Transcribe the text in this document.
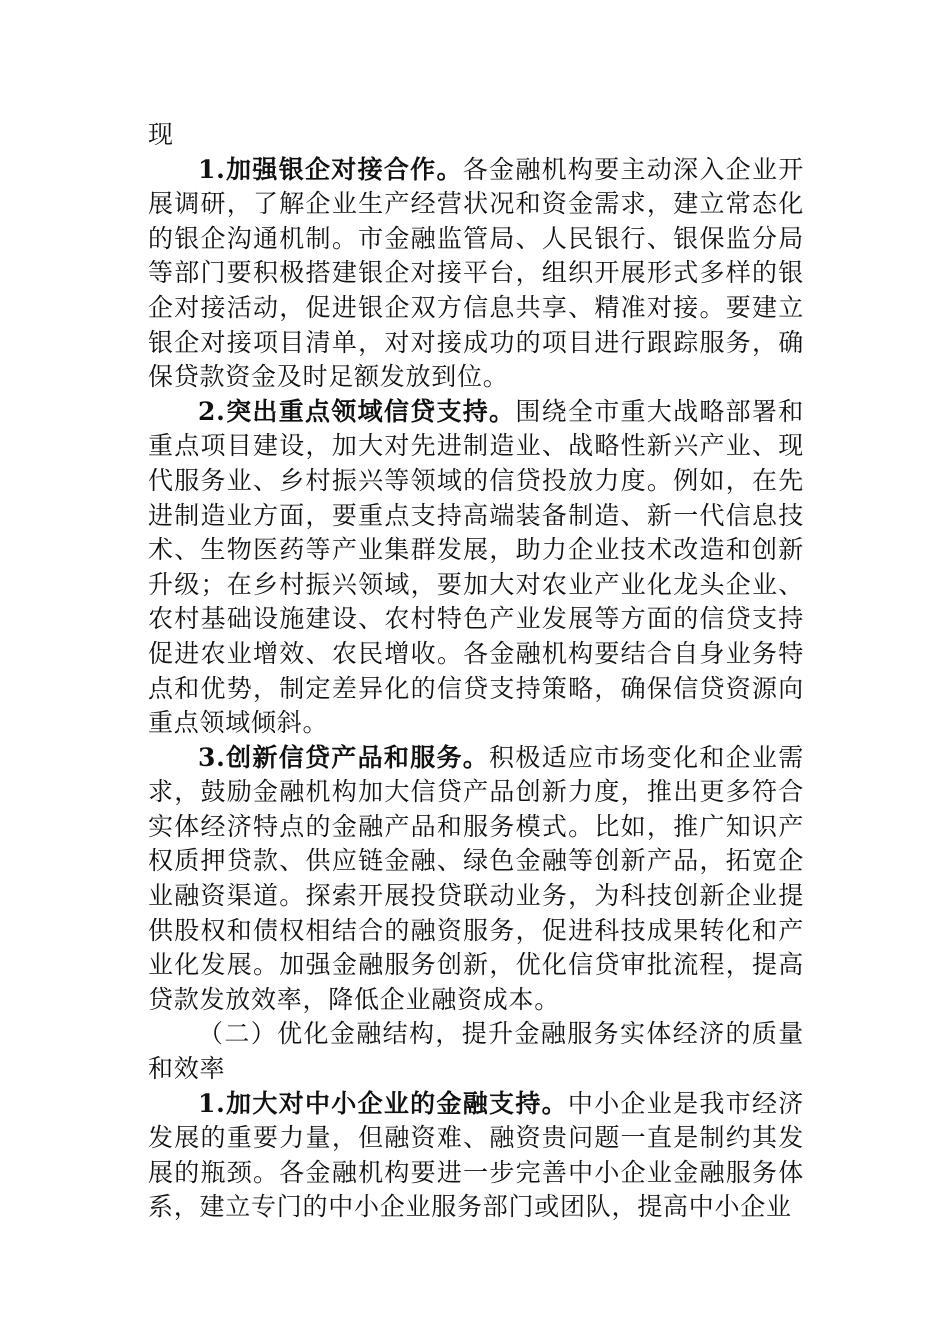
现

1.加强银企对接合作。各金融机构要主动深入企业开展调研，了解企业生产经营状况和资金需求，建立常态化的银企沟通机制。市金融监管局、人民银行、银保监分局等部门要积极搭建银企对接平台，组织开展形式多样的银企对接活动，促进银企双方信息共享、精准对接。要建立银企对接项目清单，对对接成功的项目进行跟踪服务，确保贷款资金及时足额发放到位。

2.突出重点领域信贷支持。围绕全市重大战略部署和重点项目建设，加大对先进制造业、战略性新兴产业、现代服务业、乡村振兴等领域的信贷投放力度。例如，在先进制造业方面，要重点支持高端装备制造、新一代信息技术、生物医药等产业集群发展，助力企业技术改造和创新升级；在乡村振兴领域，要加大对农业产业化龙头企业、农村基础设施建设、农村特色产业发展等方面的信贷支持促进农业增效、农民增收。各金融机构要结合自身业务特点和优势，制定差异化的信贷支持策略，确保信贷资源向重点领域倾斜。

3.创新信贷产品和服务。积极适应市场变化和企业需求，鼓励金融机构加大信贷产品创新力度，推出更多符合实体经济特点的金融产品和服务模式。比如，推广知识产权质押贷款、供应链金融、绿色金融等创新产品，拓宽企业融资渠道。探索开展投贷联动业务，为科技创新企业提供股权和债权相结合的融资服务，促进科技成果转化和产业化发展。加强金融服务创新，优化信贷审批流程，提高贷款发放效率，降低企业融资成本。

（二）优化金融结构，提升金融服务实体经济的质量和效率

1.加大对中小企业的金融支持。中小企业是我市经济发展的重要力量，但融资难、融资贵问题一直是制约其发展的瓶颈。各金融机构要进一步完善中小企业金融服务体系，建立专门的中小企业服务部门或团队，提高中小企业
